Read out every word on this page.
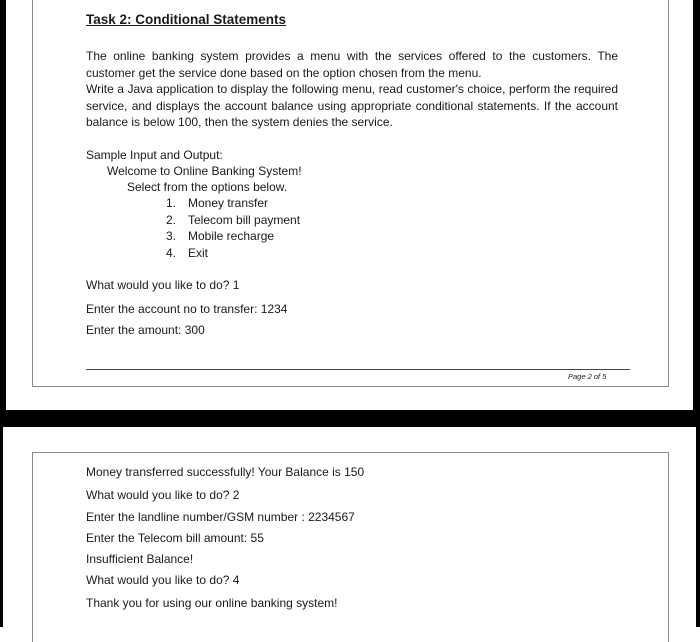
Task 2: Conditional Statements

The online banking system provides a menu with the services offered to the customers. The customer get the service done based on the option chosen from the menu.

Write a Java application to display the following menu, read customer's choice, perform the required service, and displays the account balance using appropriate conditional statements. If the account balance is below 100, then the system denies the service.

Sample Input and Output:
Welcome to Online Banking System!
Select from the options below.
1. Money transfer
2. Telecom bill payment
3. Mobile recharge
4. Exit
What would you like to do? 1
Enter the account no to transfer: 1234
Enter the amount: 300
Page 2 of 5
Money transferred successfully! Your Balance is 150
What would you like to do? 2
Enter the landline number/GSM number : 2234567
Enter the Telecom bill amount: 55
Insufficient Balance!
What would you like to do? 4
Thank you for using our online banking system!
